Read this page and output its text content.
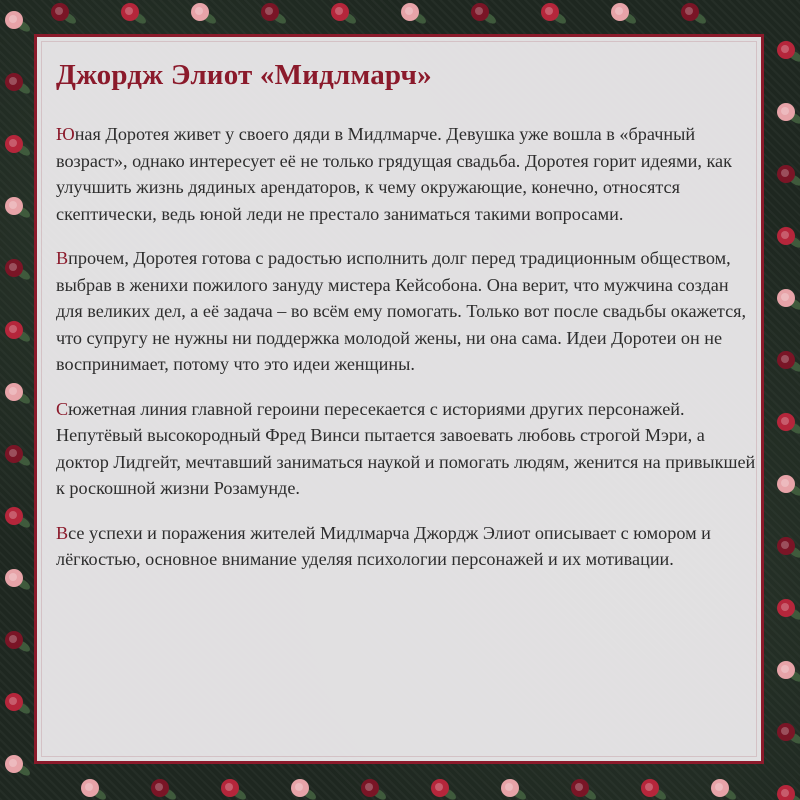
Джордж Элиот «Мидлмарч»

Юная Доротея живет у своего дяди в Мидлмарче. Девушка уже вошла в «брачный возраст», однако интересует её не только грядущая свадьба. Доротея горит идеями, как улучшить жизнь дядиных арендаторов, к чему окружающие, конечно, относятся скептически, ведь юной леди не престало заниматься такими вопросами.

Впрочем, Доротея готова с радостью исполнить долг перед традиционным обществом, выбрав в женихи пожилого зануду мистера Кейсобона. Она верит, что мужчина создан для великих дел, а её задача – во всём ему помогать. Только вот после свадьбы окажется, что супругу не нужны ни поддержка молодой жены, ни она сама. Идеи Доротеи он не воспринимает, потому что это идеи женщины.

Сюжетная линия главной героини пересекается с историями других персонажей. Непутёвый высокородный Фред Винси пытается завоевать любовь строгой Мэри, а доктор Лидгейт, мечтавший заниматься наукой и помогать людям, женится на привыкшей к роскошной жизни Розамунде.

Все успехи и поражения жителей Мидлмарча Джордж Элиот описывает с юмором и лёгкостью, основное внимание уделяя психологии персонажей и их мотивации.
